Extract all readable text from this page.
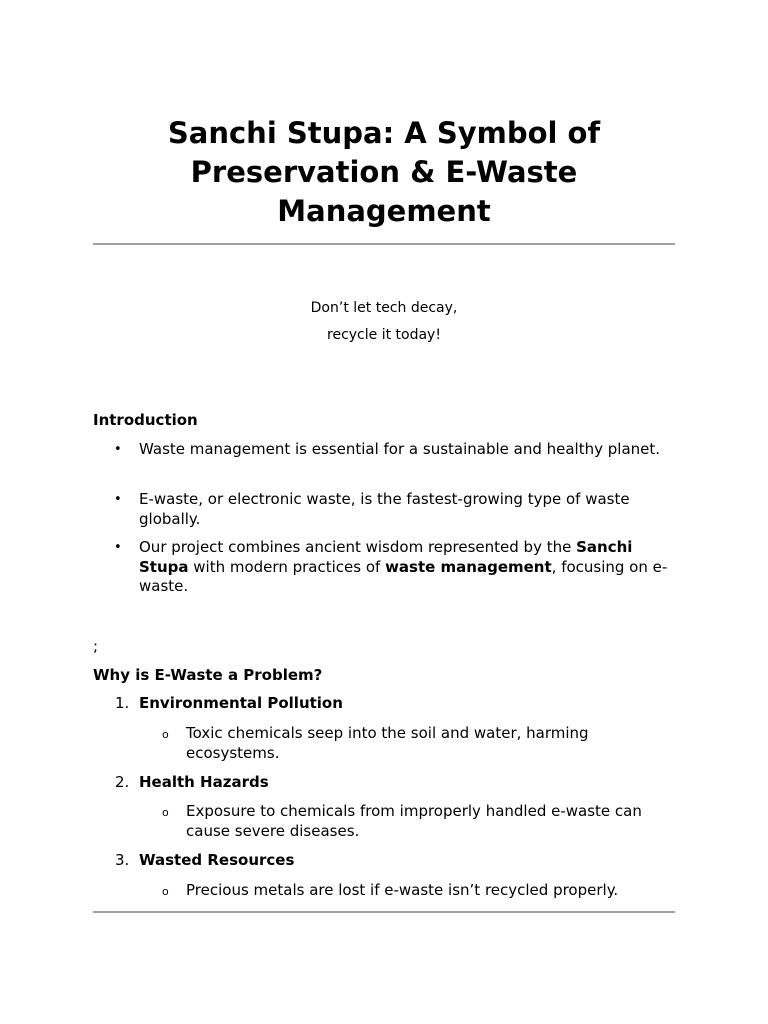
Sanchi Stupa: A Symbol of Preservation & E-Waste Management
Don’t let tech decay,
recycle it today!
Introduction
• Waste management is essential for a sustainable and healthy planet.
• E-waste, or electronic waste, is the fastest-growing type of waste globally.
• Our project combines ancient wisdom represented by the Sanchi Stupa with modern practices of waste management, focusing on e-waste.
;
Why is E-Waste a Problem?
1. Environmental Pollution
o Toxic chemicals seep into the soil and water, harming ecosystems.
2. Health Hazards
o Exposure to chemicals from improperly handled e-waste can cause severe diseases.
3. Wasted Resources
o Precious metals are lost if e-waste isn’t recycled properly.
